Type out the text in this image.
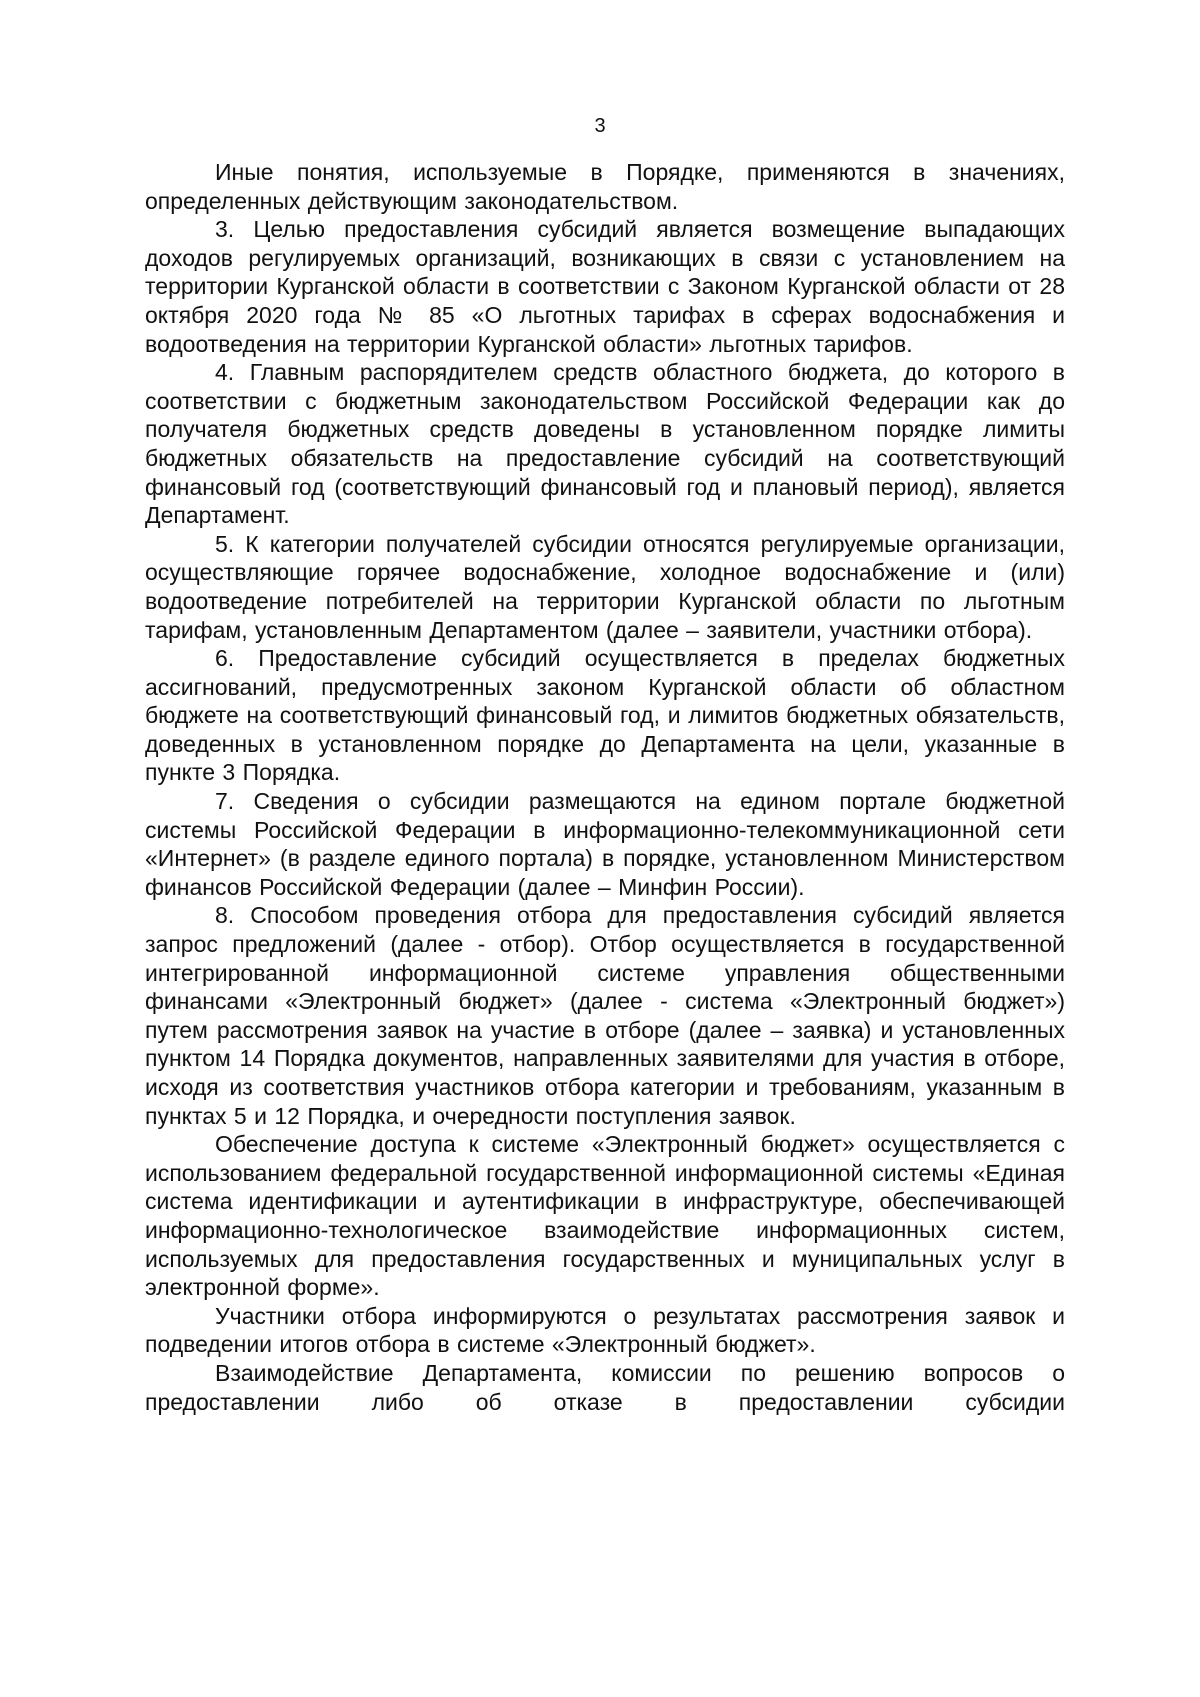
3

Иные понятия, используемые в Порядке, применяются в значениях, определенных действующим законодательством.

3. Целью предоставления субсидий является возмещение выпадающих доходов регулируемых организаций, возникающих в связи с установлением на территории Курганской области в соответствии с Законом Курганской области от 28 октября 2020 года № 85 «О льготных тарифах в сферах водоснабжения и водоотведения на территории Курганской области» льготных тарифов.

4. Главным распорядителем средств областного бюджета, до которого в соответствии с бюджетным законодательством Российской Федерации как до получателя бюджетных средств доведены в установленном порядке лимиты бюджетных обязательств на предоставление субсидий на соответствующий финансовый год (соответствующий финансовый год и плановый период), является Департамент.

5. К категории получателей субсидии относятся регулируемые организации, осуществляющие горячее водоснабжение, холодное водоснабжение и (или) водоотведение потребителей на территории Курганской области по льготным тарифам, установленным Департаментом (далее – заявители, участники отбора).

6. Предоставление субсидий осуществляется в пределах бюджетных ассигнований, предусмотренных законом Курганской области об областном бюджете на соответствующий финансовый год, и лимитов бюджетных обязательств, доведенных в установленном порядке до Департамента на цели, указанные в пункте 3 Порядка.

7. Сведения о субсидии размещаются на едином портале бюджетной системы Российской Федерации в информационно-телекоммуникационной сети «Интернет» (в разделе единого портала) в порядке, установленном Министерством финансов Российской Федерации (далее – Минфин России).

8. Способом проведения отбора для предоставления субсидий является запрос предложений (далее - отбор). Отбор осуществляется в государственной интегрированной информационной системе управления общественными финансами «Электронный бюджет» (далее - система «Электронный бюджет») путем рассмотрения заявок на участие в отборе (далее – заявка) и установленных пунктом 14 Порядка документов, направленных заявителями для участия в отборе, исходя из соответствия участников отбора категории и требованиям, указанным в пунктах 5 и 12 Порядка, и очередности поступления заявок.

Обеспечение доступа к системе «Электронный бюджет» осуществляется с использованием федеральной государственной информационной системы «Единая система идентификации и аутентификации в инфраструктуре, обеспечивающей информационно-технологическое взаимодействие информационных систем, используемых для предоставления государственных и муниципальных услуг в электронной форме».

Участники отбора информируются о результатах рассмотрения заявок и подведении итогов отбора в системе «Электронный бюджет».

Взаимодействие Департамента, комиссии по решению вопросов о предоставлении либо об отказе в предоставлении субсидии
